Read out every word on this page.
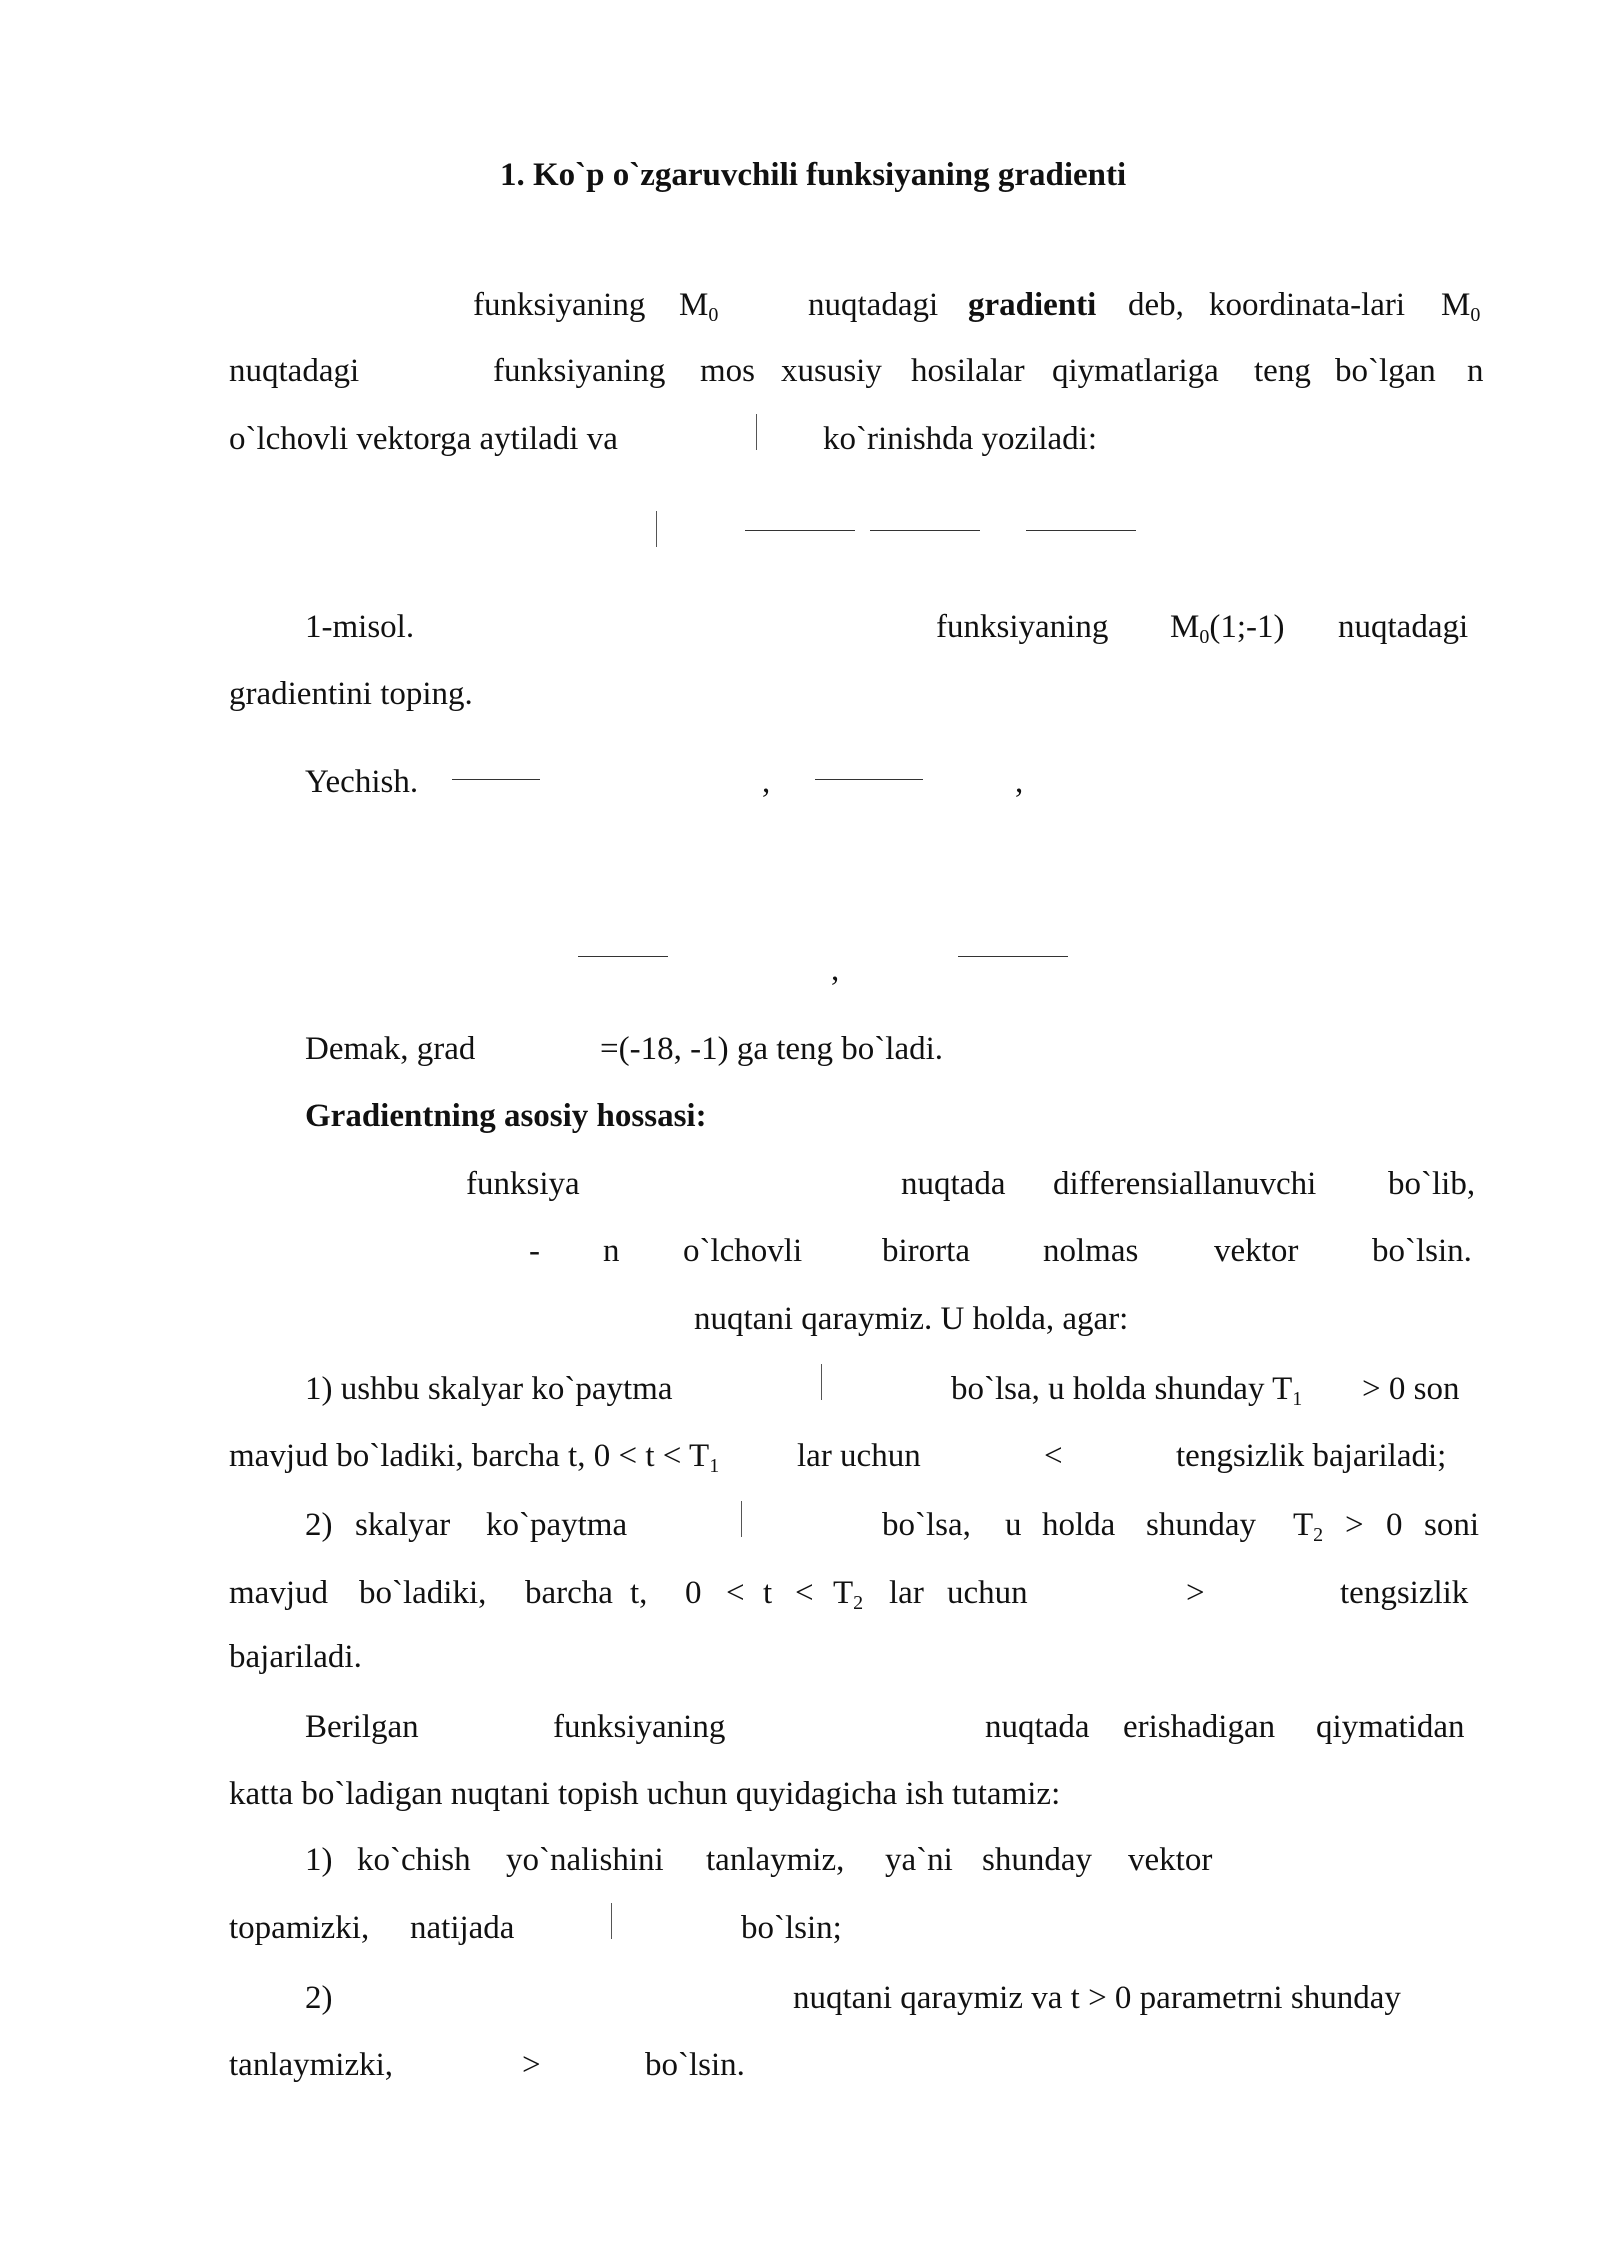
1. Ko`p o`zgaruvchili funksiyaning gradienti
funksiyaning $M_0$	nuqtadagi gradienti deb, koordinata-lari $M_0$
nuqtadagi	funksiyaning mos xususiy hosilalar qiymatlariga teng bo`lgan n
o`lchovli vektorga aytiladi va	ko`rinishda yoziladi:
1-misol.	funksiyaning $M_0(1;-1)$ nuqtadagi
gradientini toping.
Yechish.	,	,
,
Demak, grad	=(-18, -1) ga teng bo`ladi.
Gradientning asosiy hossasi:
funksiya	nuqtada differensiallanuvchi bo`lib,
- n o`lchovli birorta nolmas vektor bo`lsin.
nuqtani qaraymiz. U holda, agar:
1) ushbu skalyar ko`paytma	bo`lsa, u holda shunday $T_1 > 0$ son
mavjud bo`ladiki, barcha t, $0 < t < T_1$ lar uchun	<	tengsizlik bajariladi;
2) skalyar ko`paytma	bo`lsa, u holda shunday $T_2 > 0$ soni
mavjud bo`ladiki, barcha t, $0 < t < T_2$ lar uchun	>	tengsizlik
bajariladi.
Berilgan	funksiyaning	nuqtada erishadigan qiymatidan
katta bo`ladigan nuqtani topish uchun quyidagicha ish tutamiz:
1) ko`chish yo`nalishini tanlaymiz, ya`ni shunday vektor
topamizki, natijada	bo`lsin;
2)	nuqtani qaraymiz va t > 0 parametrni shunday
tanlaymizki,	>	bo`lsin.
